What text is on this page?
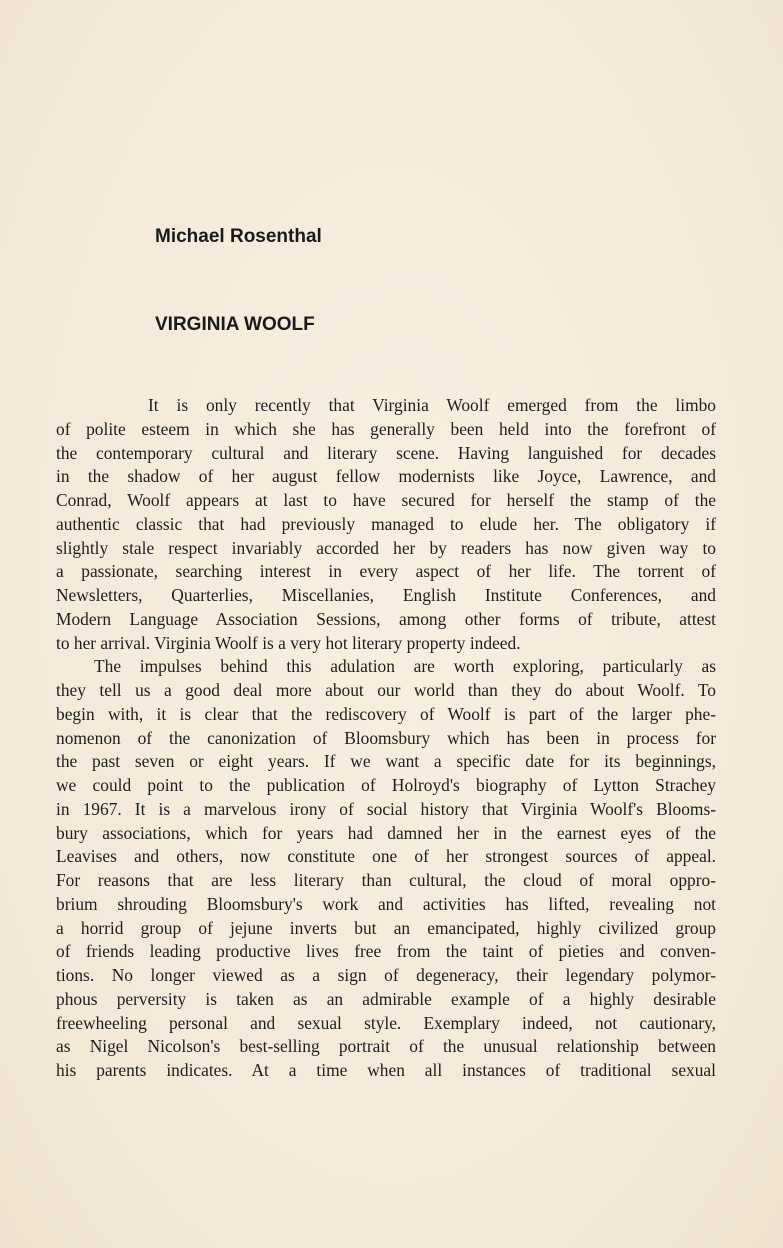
Michael Rosenthal
VIRGINIA WOOLF
It is only recently that Virginia Woolf emerged from the limbo
of polite esteem in which she has generally been held into the forefront of
the contemporary cultural and literary scene. Having languished for decades
in the shadow of her august fellow modernists like Joyce, Lawrence, and
Conrad, Woolf appears at last to have secured for herself the stamp of the
authentic classic that had previously managed to elude her. The obligatory if
slightly stale respect invariably accorded her by readers has now given way to
a passionate, searching interest in every aspect of her life. The torrent of
Newsletters, Quarterlies, Miscellanies, English Institute Conferences, and
Modern Language Association Sessions, among other forms of tribute, attest
to her arrival. Virginia Woolf is a very hot literary property indeed.
The impulses behind this adulation are worth exploring, particularly as
they tell us a good deal more about our world than they do about Woolf. To
begin with, it is clear that the rediscovery of Woolf is part of the larger phe-
nomenon of the canonization of Bloomsbury which has been in process for
the past seven or eight years. If we want a specific date for its beginnings,
we could point to the publication of Holroyd's biography of Lytton Strachey
in 1967. It is a marvelous irony of social history that Virginia Woolf's Blooms-
bury associations, which for years had damned her in the earnest eyes of the
Leavises and others, now constitute one of her strongest sources of appeal.
For reasons that are less literary than cultural, the cloud of moral oppro-
brium shrouding Bloomsbury's work and activities has lifted, revealing not
a horrid group of jejune inverts but an emancipated, highly civilized group
of friends leading productive lives free from the taint of pieties and conven-
tions. No longer viewed as a sign of degeneracy, their legendary polymor-
phous perversity is taken as an admirable example of a highly desirable
freewheeling personal and sexual style. Exemplary indeed, not cautionary,
as Nigel Nicolson's best-selling portrait of the unusual relationship between
his parents indicates. At a time when all instances of traditional sexual
